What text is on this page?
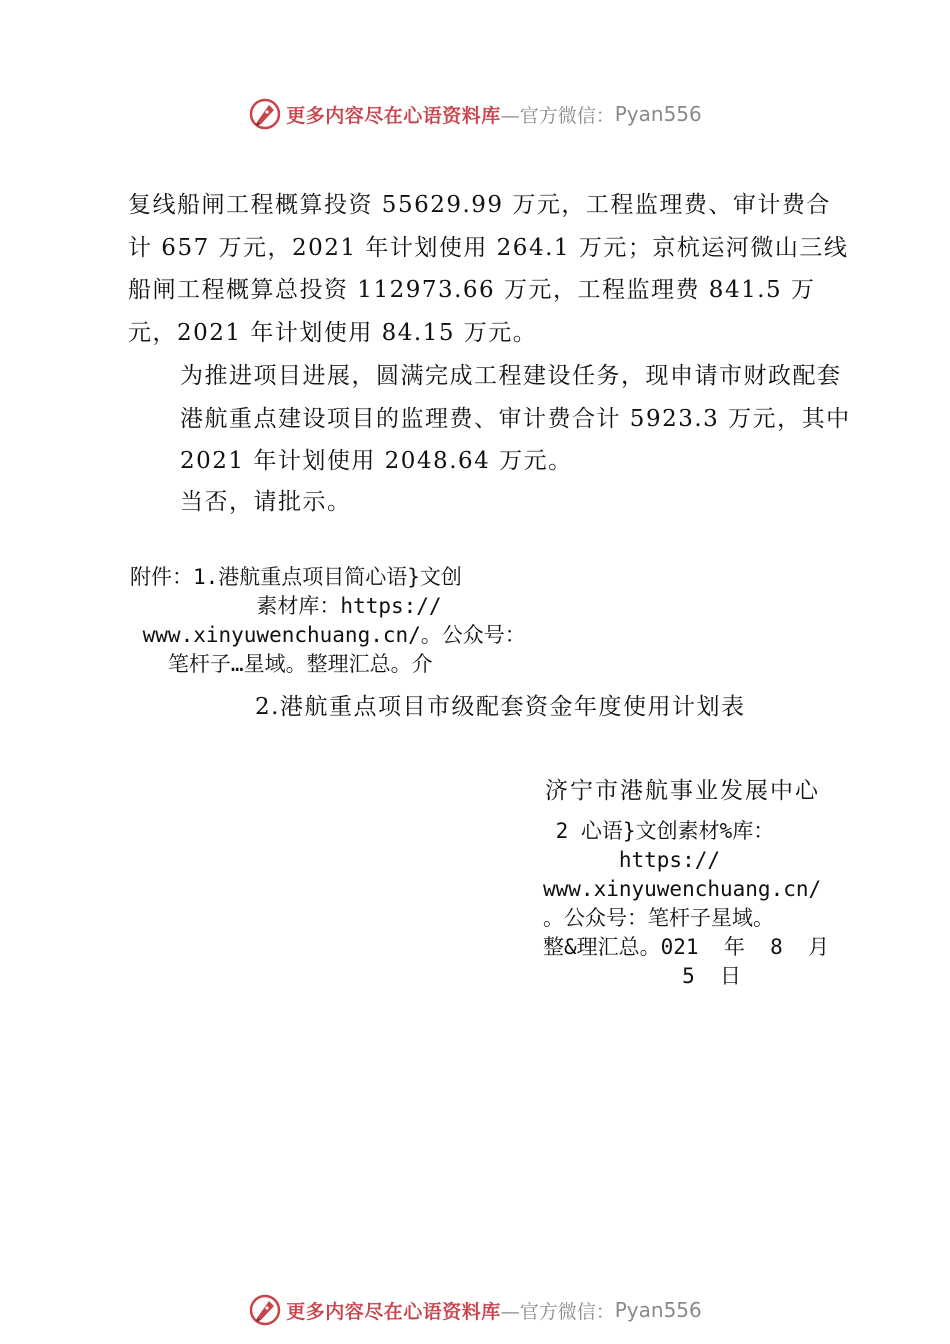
更多内容尽在心语资料库 —官方微信： Pyan556

复线船闸工程概算投资 55629.99 万元，工程监理费、审计费合计 657 万元，2021 年计划使用 264.1 万元；京杭运河微山三线船闸工程概算总投资 112973.66 万元，工程监理费 841.5 万元，2021 年计划使用 84.15 万元。

为推进项目进展，圆满完成工程建设任务，现申请市财政配套港航重点建设项目的监理费、审计费合计 5923.3 万元，其中 2021 年计划使用 2048.64 万元。

当否，请批示。

附件：1.港航重点项目简心语}文创
素材库：https://
www.xinyuwenchuang.cn/。公众号：
笔杆子…星域。整理汇总。介
2.港航重点项目市级配套资金年度使用计划表
济宁市港航事业发展中心
2 心语}文创素材%库：
https://
www.xinyuwenchuang.cn/
。公众号：笔杆子星域。
整&理汇总。021  年  8  月
5  日
更多内容尽在心语资料库 —官方微信： Pyan556
